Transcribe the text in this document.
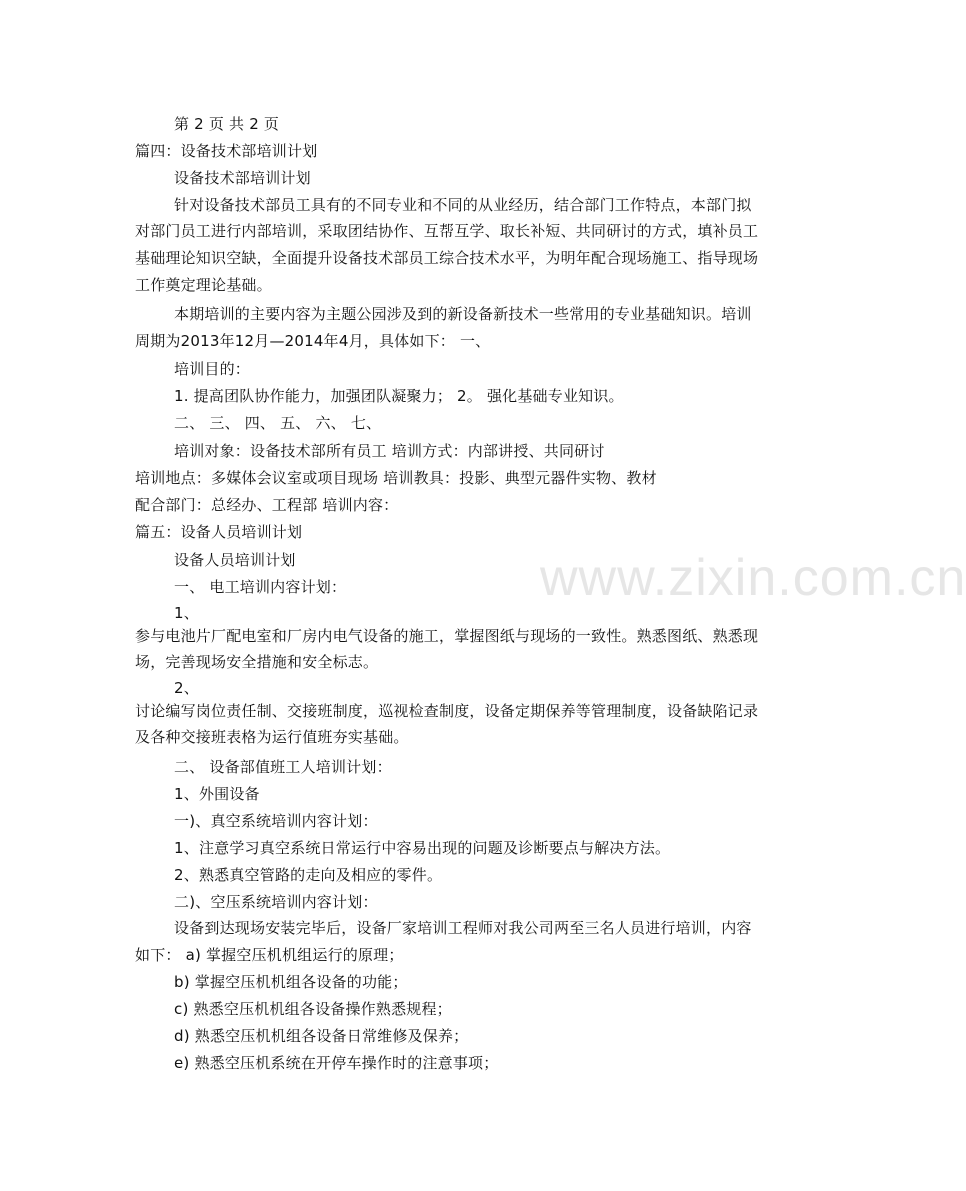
www.zixin.com.cn
第 2 页 共 2 页
篇四：设备技术部培训计划
设备技术部培训计划
针对设备技术部员工具有的不同专业和不同的从业经历，结合部门工作特点，本部门拟
对部门员工进行内部培训，采取团结协作、互帮互学、取长补短、共同研讨的方式，填补员工
基础理论知识空缺，全面提升设备技术部员工综合技术水平，为明年配合现场施工、指导现场
工作奠定理论基础。
本期培训的主要内容为主题公园涉及到的新设备新技术一些常用的专业基础知识。培训
周期为2013年12月—2014年4月，具体如下： 一、
培训目的：
1. 提高团队协作能力，加强团队凝聚力； 2。 强化基础专业知识。
二、 三、 四、 五、 六、 七、
培训对象：设备技术部所有员工 培训方式：内部讲授、共同研讨
培训地点：多媒体会议室或项目现场 培训教具：投影、典型元器件实物、教材
配合部门：总经办、工程部 培训内容：
篇五：设备人员培训计划
设备人员培训计划
一、 电工培训内容计划：
1、
参与电池片厂配电室和厂房内电气设备的施工，掌握图纸与现场的一致性。熟悉图纸、熟悉现
场，完善现场安全措施和安全标志。
2、
讨论编写岗位责任制、交接班制度，巡视检查制度，设备定期保养等管理制度，设备缺陷记录
及各种交接班表格为运行值班夯实基础。
二、 设备部值班工人培训计划：
1、外围设备
一)、真空系统培训内容计划：
1、注意学习真空系统日常运行中容易出现的问题及诊断要点与解决方法。
2、熟悉真空管路的走向及相应的零件。
二)、空压系统培训内容计划：
设备到达现场安装完毕后，设备厂家培训工程师对我公司两至三名人员进行培训，内容
如下： a) 掌握空压机机组运行的原理；
b) 掌握空压机机组各设备的功能；
c) 熟悉空压机机组各设备操作熟悉规程；
d) 熟悉空压机机组各设备日常维修及保养；
e) 熟悉空压机系统在开停车操作时的注意事项；
